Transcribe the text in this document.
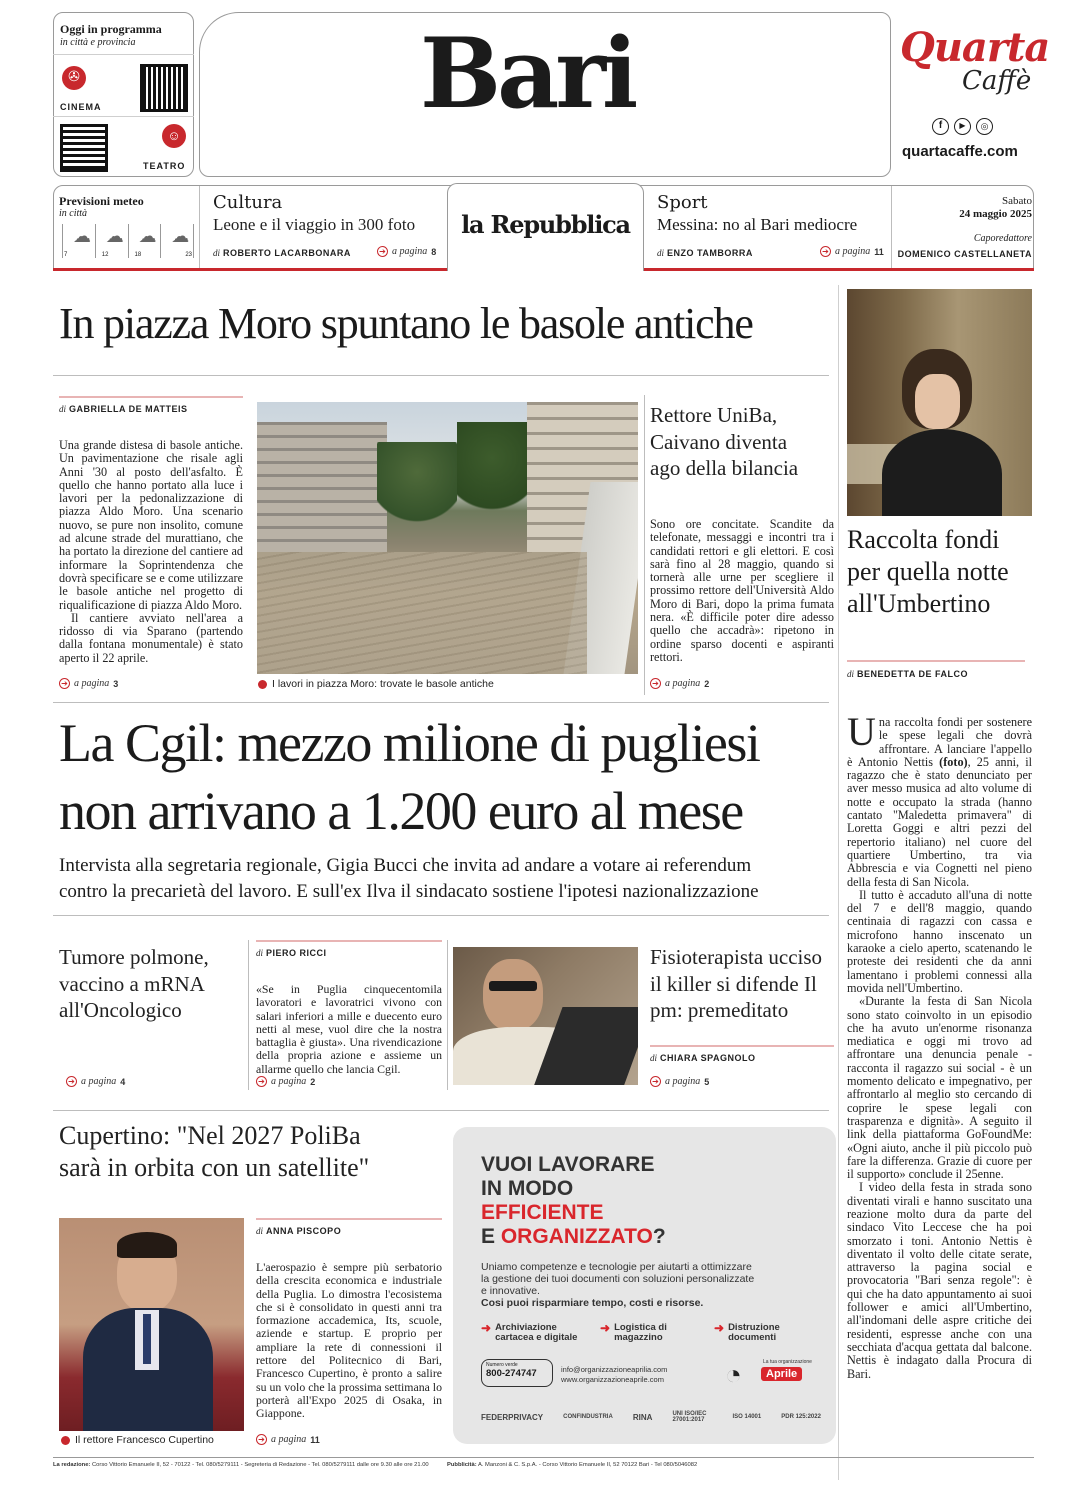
Oggi in programma
in città e provincia
✇
CINEMA
☺
TEATRO
Bari	Quarta
Caffè
f	▶	◎
quartacaffe.com
Previsioni meteo
in città
☁
7
☁
12
☁
18
☁
23
Cultura
Leone e il viaggio in 300 foto
di ROBERTO LACARBONARA	➔ a pagina 8
la Repubblica
Sport
Messina: no al Bari mediocre
di ENZO TAMBORRA	➔ a pagina 11
Sabato
24 maggio 2025
Caporedattore
DOMENICO CASTELLANETA
In piazza Moro spuntano le basole antiche
di GABRIELLA DE MATTEIS

Una grande distesa di basole antiche. Un pavimentazione che risale agli Anni '30 al posto dell'asfalto. È quello che hanno portato alla luce i lavori per la pedonalizzazione di piazza Aldo Moro. Una scenario nuovo, se pure non insolito, comune ad alcune strade del murattiano, che ha portato la direzione del cantiere ad informare la Soprintendenza che dovrà specificare se e come utilizzare le basole antiche nel progetto di riqualificazione di piazza Aldo Moro.

Il cantiere avviato nell'area a ridosso di via Sparano (partendo dalla fontana monumentale) è stato aperto il 22 aprile.

➔ a pagina 3	I lavori in piazza Moro: trovate le basole antiche
Rettore UniBa, Caivano diventa ago della bilancia
Sono ore concitate. Scandite da telefonate, messaggi e incontri tra i candidati rettori e gli elettori. E così sarà fino al 28 maggio, quando si tornerà alle urne per scegliere il prossimo rettore dell'Università Aldo Moro di Bari, dopo la prima fumata nera. «È difficile poter dire adesso quello che accadrà»: ripetono in ordine sparso docenti e aspiranti rettori.
➔ a pagina 2
Raccolta fondi per quella notte all'Umbertino
di BENEDETTA DE FALCO

Una raccolta fondi per sostenere le spese legali che dovrà affrontare. A lanciare l'appello è Antonio Nettis (foto), 25 anni, il ragazzo che è stato denunciato per aver messo musica ad alto volume di notte e occupato la strada (hanno cantato "Maledetta primavera" di Loretta Goggi e altri pezzi del repertorio italiano) nel cuore del quartiere Umbertino, tra via Abbrescia e via Cognetti nel pieno della festa di San Nicola.

Il tutto è accaduto all'una di notte del 7 e dell'8 maggio, quando centinaia di ragazzi con cassa e microfono hanno inscenato un karaoke a cielo aperto, scatenando le proteste dei residenti che da anni lamentano i problemi connessi alla movida nell'Umbertino.

«Durante la festa di San Nicola sono stato coinvolto in un episodio che ha avuto un'enorme risonanza mediatica e oggi mi trovo ad affrontare una denuncia penale - racconta il ragazzo sui social - è un momento delicato e impegnativo, per affrontarlo al meglio sto cercando di coprire le spese legali con trasparenza e dignità». A seguito il link della piattaforma GoFoundMe: «Ogni aiuto, anche il più piccolo può fare la differenza. Grazie di cuore per il supporto» conclude il 25enne.

I video della festa in strada sono diventati virali e hanno suscitato una reazione molto dura da parte del sindaco Vito Leccese che ha poi smorzato i toni. Antonio Nettis è diventato il volto delle citate serate, attraverso la pagina social e provocatoria "Bari senza regole": è qui che ha dato appuntamento ai suoi follower e amici all'Umbertino, all'indomani delle aspre critiche dei residenti, espresse anche con una secchiata d'acqua gettata dal balcone. Nettis è indagato dalla Procura di Bari.

La Cgil: mezzo milione di pugliesi
non arrivano a 1.200 euro al mese
Intervista alla segretaria regionale, Gigia Bucci che invita ad andare a votare ai referendum
contro la precarietà del lavoro. E sull'ex Ilva il sindacato sostiene l'ipotesi nazionalizzazione
Tumore polmone, vaccino a mRNA all'Oncologico
➔ a pagina 4
di PIERO RICCI
«Se in Puglia cinquecentomila lavoratori e lavoratrici vivono con salari inferiori a mille e duecento euro netti al mese, vuol dire che la nostra battaglia è giusta». Una rivendicazione della propria azione e assieme un allarme quello che lancia Cgil.
➔ a pagina 2
Fisioterapista ucciso il killer si difende Il pm: premeditato
di CHIARA SPAGNOLO
➔ a pagina 5
Cupertino: "Nel 2027 PoliBa sarà in orbita con un satellite"
Il rettore Francesco Cupertino
di ANNA PISCOPO
L'aerospazio è sempre più serbatorio della crescita economica e industriale della Puglia. Lo dimostra l'ecosistema che si è consolidato in questi anni tra formazione accademica, Its, scuole, aziende e startup. E proprio per ampliare la rete di connessioni il rettore del Politecnico di Bari, Francesco Cupertino, è pronto a salire su un volo che la prossima settimana lo porterà all'Expo 2025 di Osaka, in Giappone.
➔ a pagina 11
VUOI LAVORARE
IN MODO
EFFICIENTE
E ORGANIZZATO?
Uniamo competenze e tecnologie per aiutarti a ottimizzare la gestione dei tuoi documenti con soluzioni personalizzate e innovative.
Cosi puoi risparmiare tempo, costi e risorse.
➜ Archiviazione cartacea e digitale
➜ Logistica di magazzino
➜ Distruzione documenti
Numero verde
800-274747	info@organizzazioneaprilia.com
www.organizzazioneaprile.com ◔	La tua organizzazione
Aprile
FEDERPRIVACY	CONFINDUSTRIA	RINA	UNI ISO/IEC 27001:2017	ISO 14001	PDR 125:2022
La redazione: Corso Vittorio Emanuele II, 52 - 70122 - Tel. 080/5279111 - Segreteria di Redazione - Tel. 080/5279111 dalle ore 9.30 alle ore 21.00	Pubblicità: A. Manzoni & C. S.p.A. - Corso Vittorio Emanuele II, 52 70122 Bari - Tel 080/5046082
